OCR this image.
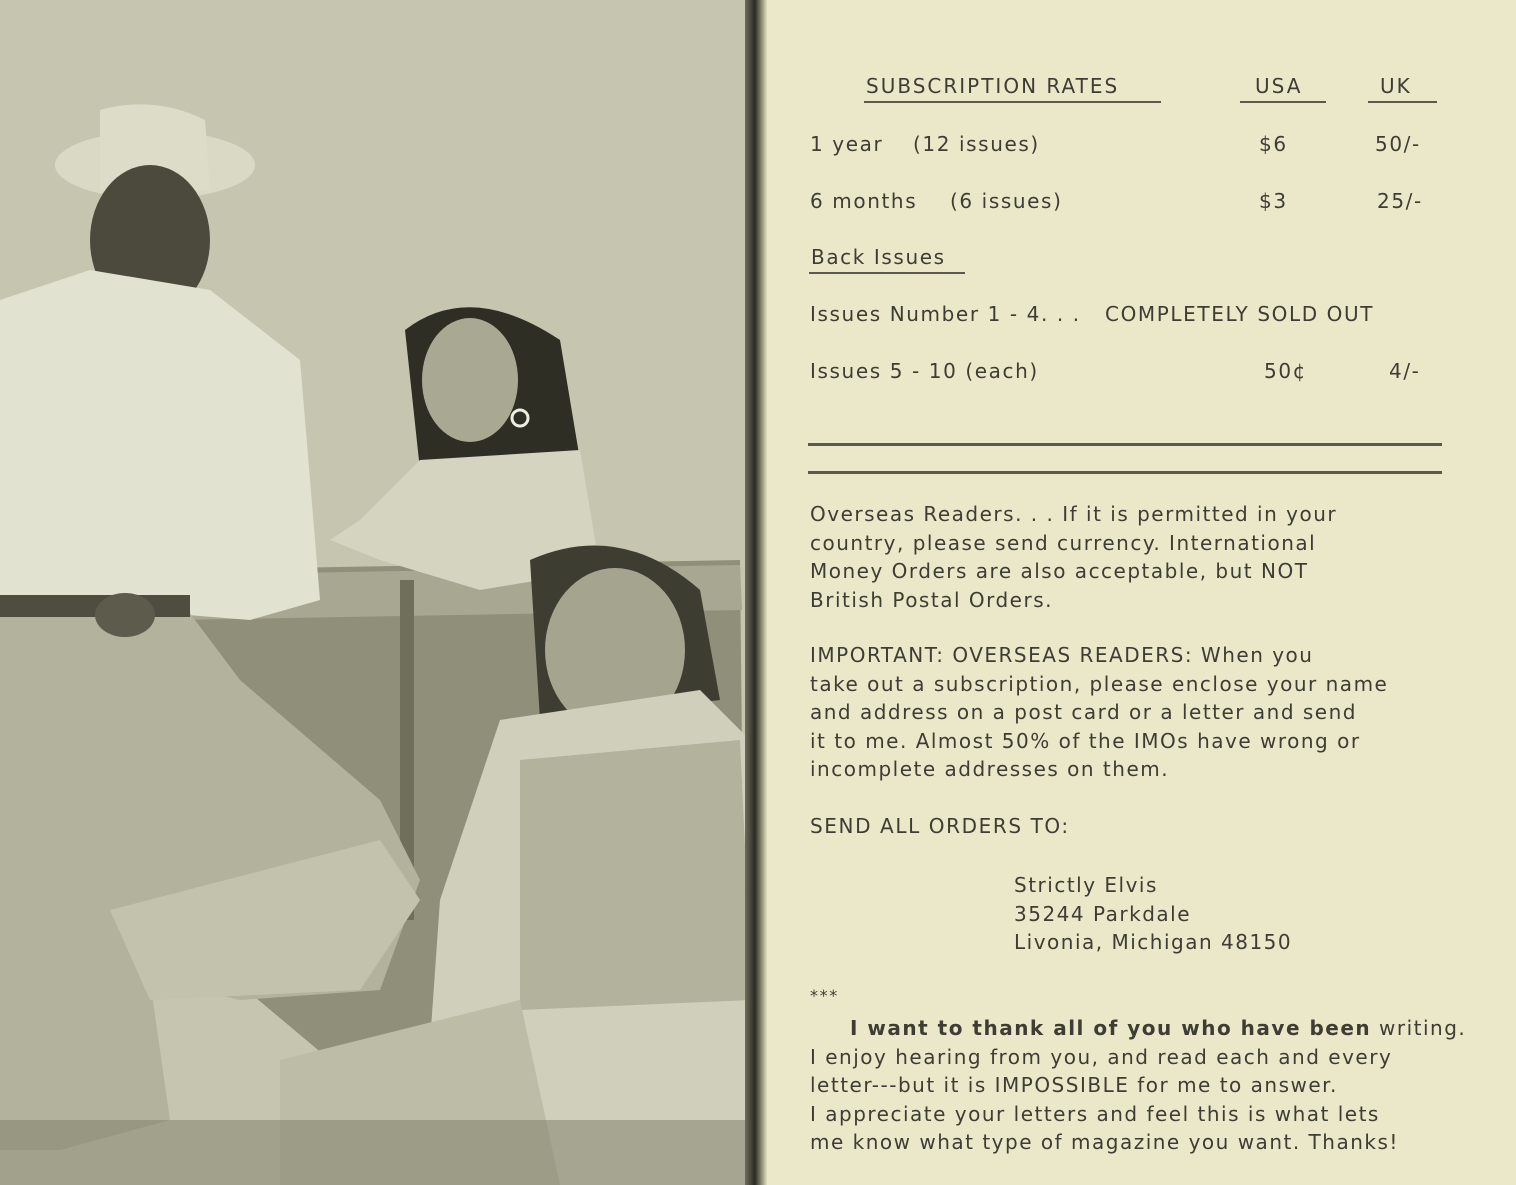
SUBSCRIPTION RATES	USA	UK
1 year (12 issues)	$6	50/-
6 months (6 issues)	$3	25/-
Back Issues
Issues Number 1 - 4. . . COMPLETELY SOLD OUT
Issues 5 - 10 (each)	50¢	4/-
Overseas Readers. . . If it is permitted in your
country, please send currency. International
Money Orders are also acceptable, but NOT
British Postal Orders.
IMPORTANT: OVERSEAS READERS: When you
take out a subscription, please enclose your name
and address on a post card or a letter and send
it to me. Almost 50% of the IMOs have wrong or
incomplete addresses on them.
SEND ALL ORDERS TO:
Strictly Elvis
35244 Parkdale
Livonia, Michigan 48150
***
I want to thank all of you who have been writing.
I enjoy hearing from you, and read each and every
letter---but it is IMPOSSIBLE for me to answer.
I appreciate your letters and feel this is what lets
me know what type of magazine you want. Thanks!
